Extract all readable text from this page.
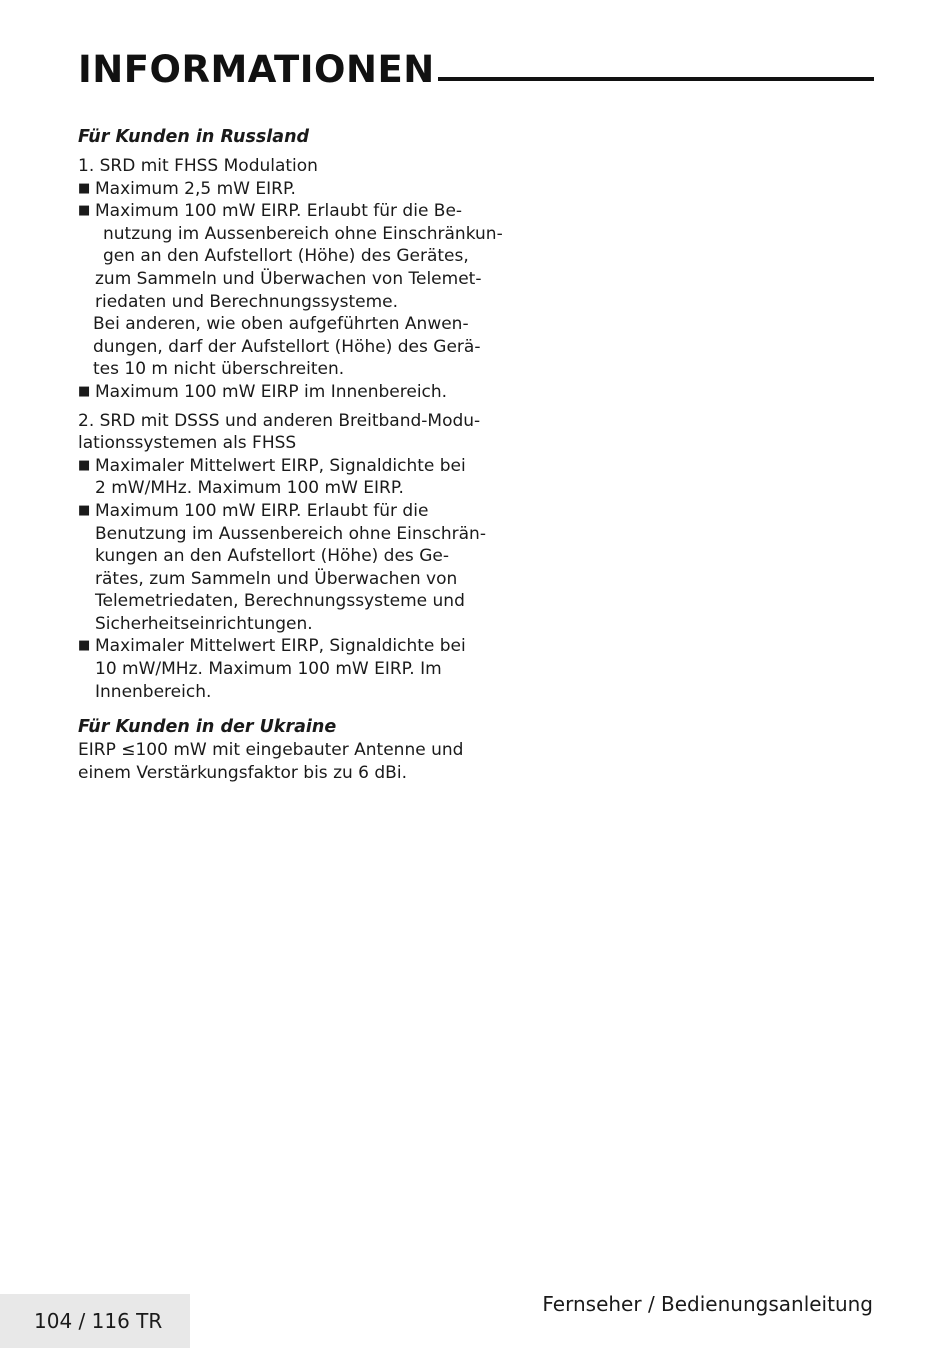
INFORMATIONEN
Für Kunden in Russland
1. SRD mit FHSS Modulation
■ Maximum 2,5 mW EIRP.
■ Maximum 100 mW EIRP. Erlaubt für die Be-
nutzung im Aussenbereich ohne Einschränkun-
gen an den Aufstellort (Höhe) des Gerätes,
zum Sammeln und Überwachen von Telemet-
riedaten und Berechnungssysteme.
Bei anderen, wie oben aufgeführten Anwen-
dungen, darf der Aufstellort (Höhe) des Gerä-
tes 10 m nicht überschreiten.
■ Maximum 100 mW EIRP im Innenbereich.
2. SRD mit DSSS und anderen Breitband-Modu-
lationssystemen als FHSS
■ Maximaler Mittelwert EIRP, Signaldichte bei
2 mW/MHz. Maximum 100 mW EIRP.
■ Maximum 100 mW EIRP. Erlaubt für die
Benutzung im Aussenbereich ohne Einschrän-
kungen an den Aufstellort (Höhe) des Ge-
rätes, zum Sammeln und Überwachen von
Telemetriedaten, Berechnungssysteme und
Sicherheitseinrichtungen.
■ Maximaler Mittelwert EIRP, Signaldichte bei
10 mW/MHz. Maximum 100 mW EIRP. Im
Innenbereich.
Für Kunden in der Ukraine
EIRP ≤100 mW mit eingebauter Antenne und
einem Verstärkungsfaktor bis zu 6 dBi.
104 / 116 TR
Fernseher / Bedienungsanleitung
